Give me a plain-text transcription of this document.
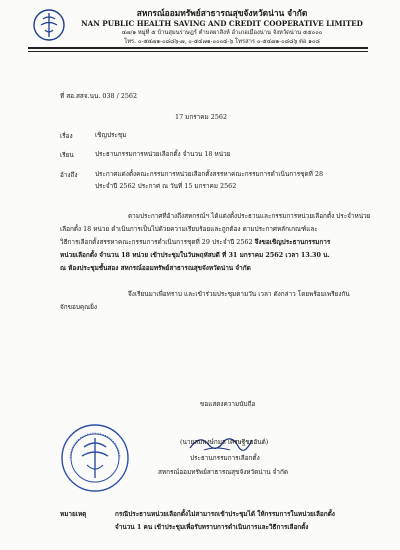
สหกรณ์ออมทรัพย์สาธารณสุขจังหวัดน่าน จำกัด
NAN PUBLIC HEALTH SAVING AND CREDIT COOPERATIVE LIMITED
๔๗/๑ หมู่ที่ ๕ บ้านสุมนราษฎร์ ตำบลผาสิงห์ อำเภอเมืองน่าน จังหวัดน่าน ๕๕๐๐๐
โทร. ๐-๕๔๗๑-๐๘๘๖-๗, ๐-๕๔๗๑-๐๐๐๔-๖ โทรสาร ๐-๕๔๗๑-๐๘๘๖ ต่อ ๑๐๘
ที่ สอ.สสจ.นน. 038 / 2562
17 มกราคม 2562
เรื่อง	เชิญประชุม
เรียน	ประธานกรรมการหน่วยเลือกตั้ง จำนวน 18 หน่วย
อ้างถึง	ประกาศแต่งตั้งคณะกรรมการหน่วยเลือกตั้งสรรหาคณะกรรมการดำเนินการชุดที่ 28
ประจำปี 2562 ประกาศ ณ วันที่ 15 มกราคม 2562
ตามประกาศที่อ้างถึงสหกรณ์ฯ ได้แต่งตั้งประธานและกรรมการหน่วยเลือกตั้ง ประจำหน่วย
เลือกตั้ง 18 หน่วย ดำเนินการเป็นไปด้วยความเรียบร้อยและถูกต้อง ตามประกาศหลักเกณฑ์และ
วิธีการเลือกตั้งสรรหาคณะกรรมการดำเนินการชุดที่ 29 ประจำปี 2562 จึงขอเชิญประธานกรรมการ
หน่วยเลือกตั้ง จำนวน 18 หน่วย เข้าประชุมในวันพฤหัสบดี ที่ 31 มกราคม 2562 เวลา 13.30 น.
ณ ห้องประชุมชั้นสอง สหกรณ์ออมทรัพย์สาธารณสุขจังหวัดน่าน จำกัด
จึงเรียนมาเพื่อทราบ และเข้าร่วมประชุมตามวัน เวลา ดังกล่าว โดยพร้อมเพรียงกัน
จักขอบคุณยิ่ง
ขอแสดงความนับถือ
(นายสมพงษ์กมล เศรษฐีชยอันต์)
ประธานกรรมการเลือกตั้ง
สหกรณ์ออมทรัพย์สาธารณสุขจังหวัดน่าน จำกัด
หมายเหตุ	กรณีประธานหน่วยเลือกตั้งไม่สามารถเข้าประชุมได้ ให้กรรมการในหน่วยเลือกตั้ง
จำนวน 1 คน เข้าประชุมเพื่อรับทราบการดำเนินการและวิธีการเลือกตั้ง
